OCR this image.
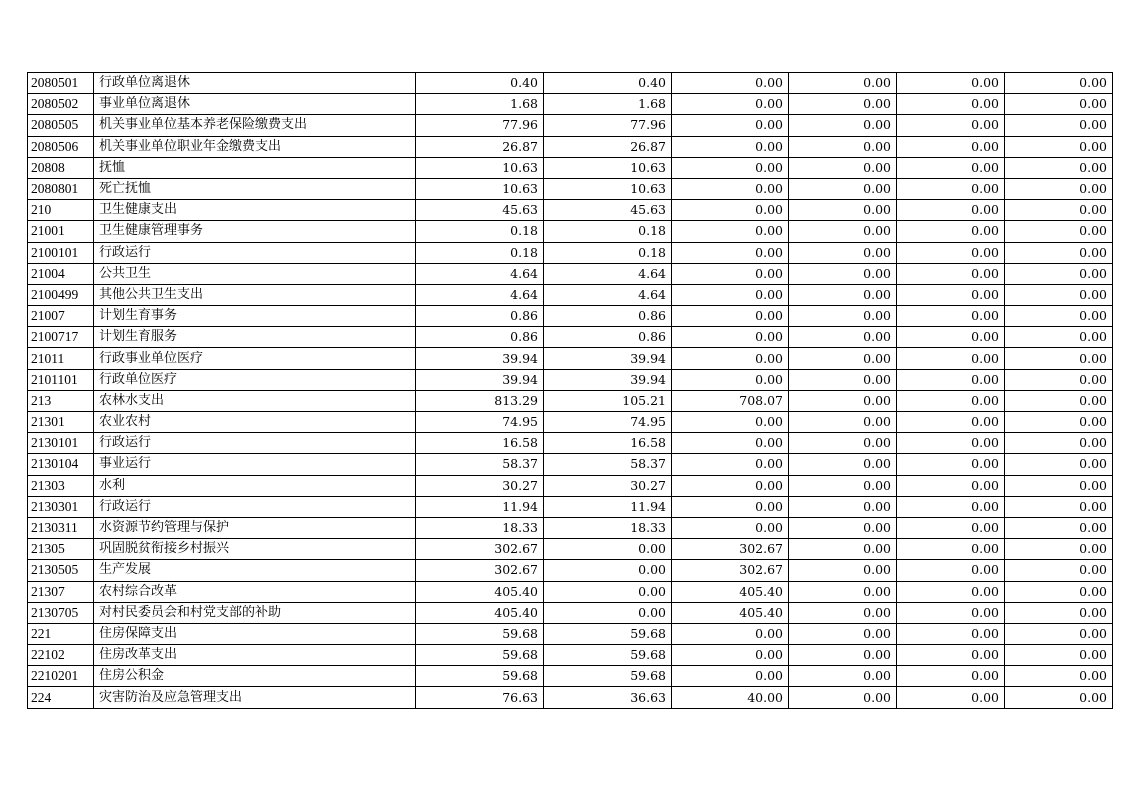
2080501	行政单位离退休	0.40	0.40	0.00	0.00	0.00	0.00
2080502	事业单位离退休	1.68	1.68	0.00	0.00	0.00	0.00
2080505	机关事业单位基本养老保险缴费支出	77.96	77.96	0.00	0.00	0.00	0.00
2080506	机关事业单位职业年金缴费支出	26.87	26.87	0.00	0.00	0.00	0.00
20808	抚恤	10.63	10.63	0.00	0.00	0.00	0.00
2080801	死亡抚恤	10.63	10.63	0.00	0.00	0.00	0.00
210	卫生健康支出	45.63	45.63	0.00	0.00	0.00	0.00
21001	卫生健康管理事务	0.18	0.18	0.00	0.00	0.00	0.00
2100101	行政运行	0.18	0.18	0.00	0.00	0.00	0.00
21004	公共卫生	4.64	4.64	0.00	0.00	0.00	0.00
2100499	其他公共卫生支出	4.64	4.64	0.00	0.00	0.00	0.00
21007	计划生育事务	0.86	0.86	0.00	0.00	0.00	0.00
2100717	计划生育服务	0.86	0.86	0.00	0.00	0.00	0.00
21011	行政事业单位医疗	39.94	39.94	0.00	0.00	0.00	0.00
2101101	行政单位医疗	39.94	39.94	0.00	0.00	0.00	0.00
213	农林水支出	813.29	105.21	708.07	0.00	0.00	0.00
21301	农业农村	74.95	74.95	0.00	0.00	0.00	0.00
2130101	行政运行	16.58	16.58	0.00	0.00	0.00	0.00
2130104	事业运行	58.37	58.37	0.00	0.00	0.00	0.00
21303	水利	30.27	30.27	0.00	0.00	0.00	0.00
2130301	行政运行	11.94	11.94	0.00	0.00	0.00	0.00
2130311	水资源节约管理与保护	18.33	18.33	0.00	0.00	0.00	0.00
21305	巩固脱贫衔接乡村振兴	302.67	0.00	302.67	0.00	0.00	0.00
2130505	生产发展	302.67	0.00	302.67	0.00	0.00	0.00
21307	农村综合改革	405.40	0.00	405.40	0.00	0.00	0.00
2130705	对村民委员会和村党支部的补助	405.40	0.00	405.40	0.00	0.00	0.00
221	住房保障支出	59.68	59.68	0.00	0.00	0.00	0.00
22102	住房改革支出	59.68	59.68	0.00	0.00	0.00	0.00
2210201	住房公积金	59.68	59.68	0.00	0.00	0.00	0.00
224	灾害防治及应急管理支出	76.63	36.63	40.00	0.00	0.00	0.00
